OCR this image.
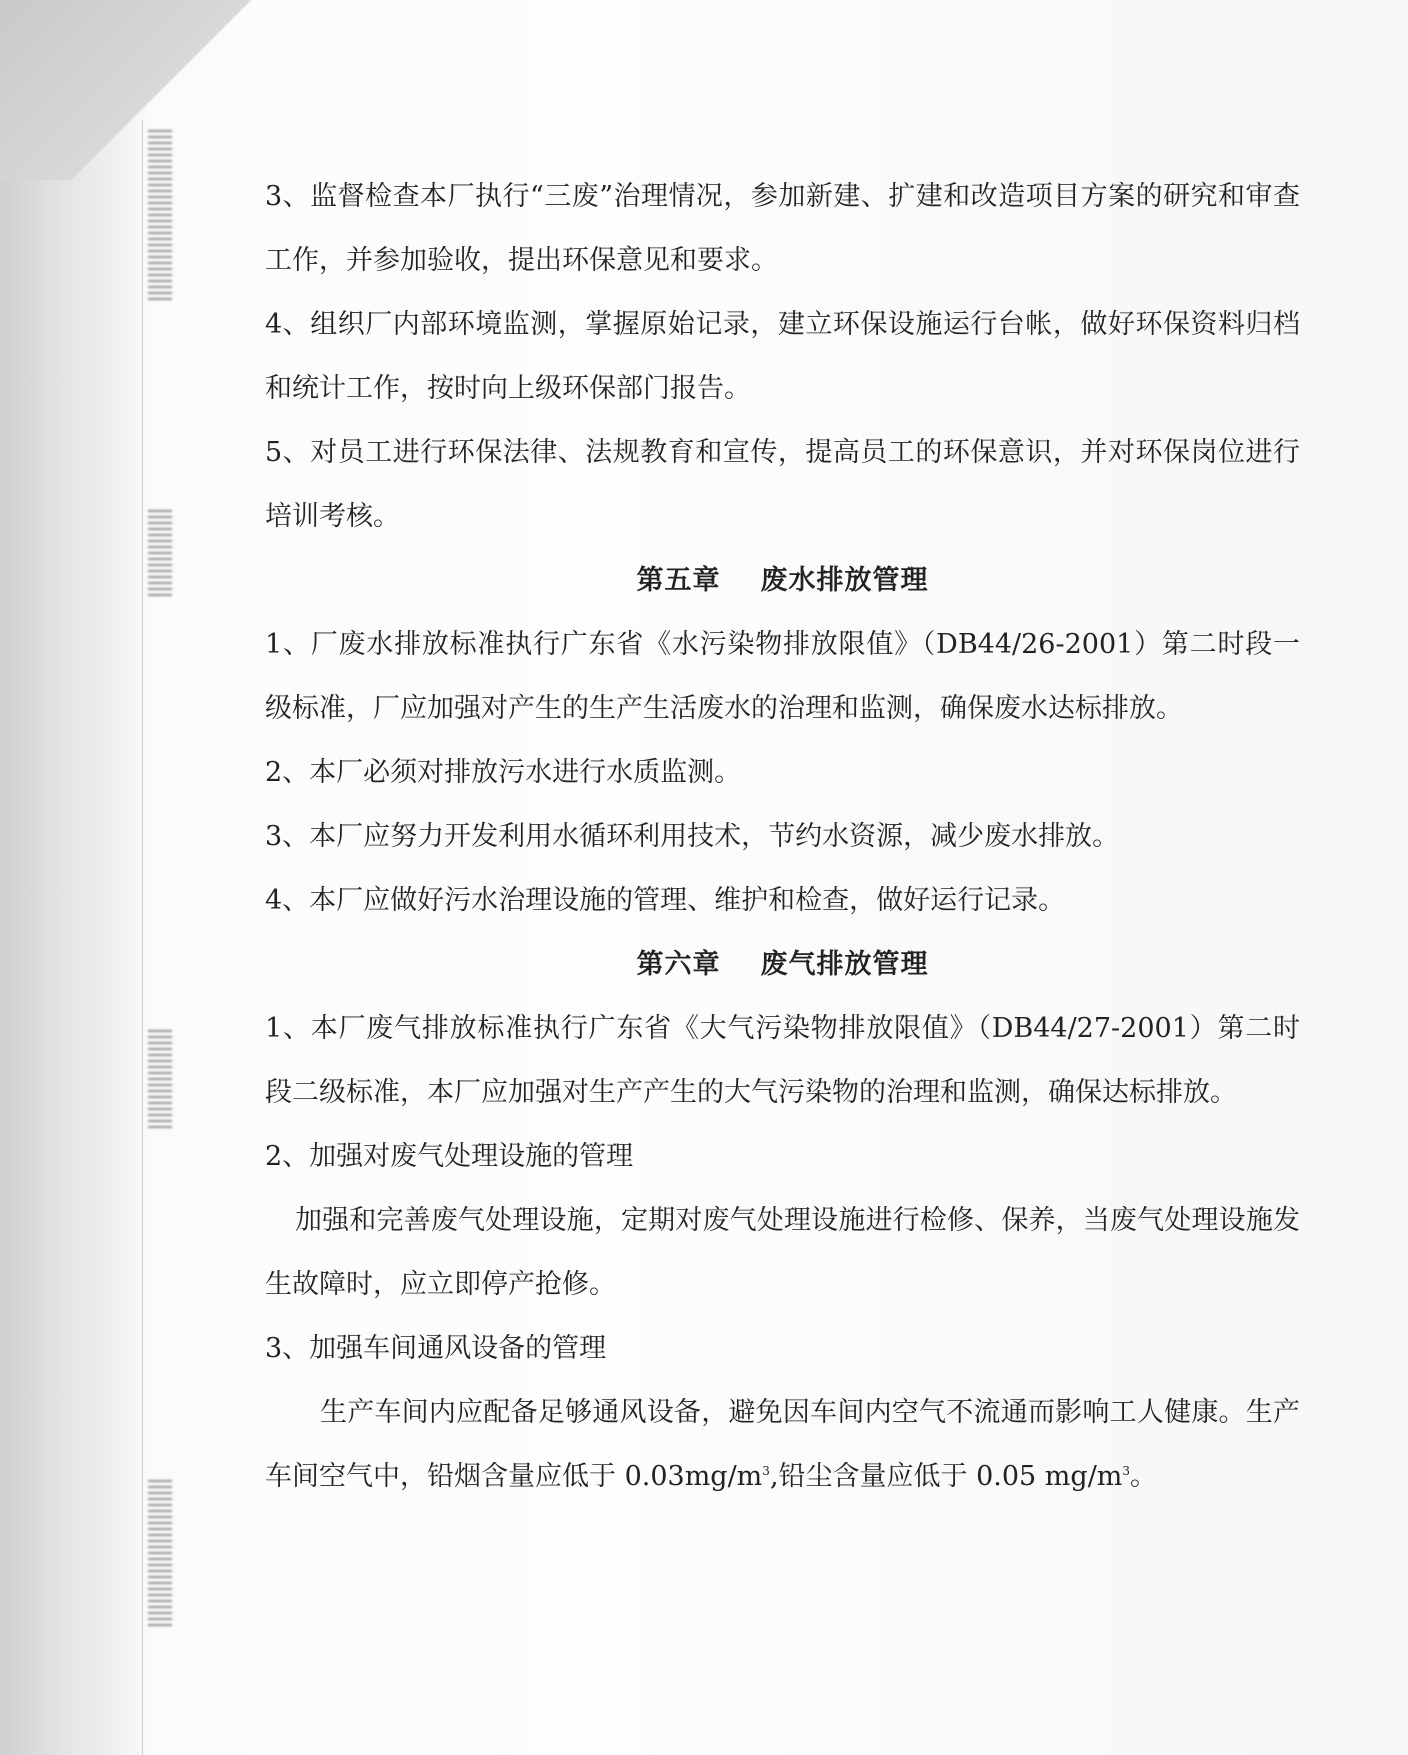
3、监督检查本厂执行“三废”治理情况，参加新建、扩建和改造项目方案的研究和审查工作，并参加验收，提出环保意见和要求。

4、组织厂内部环境监测，掌握原始记录，建立环保设施运行台帐，做好环保资料归档和统计工作，按时向上级环保部门报告。

5、对员工进行环保法律、法规教育和宣传，提高员工的环保意识，并对环保岗位进行培训考核。

第五章 废水排放管理

1、厂废水排放标准执行广东省《水污染物排放限值》（DB44/26-2001）第二时段一级标准，厂应加强对产生的生产生活废水的治理和监测，确保废水达标排放。

2、本厂必须对排放污水进行水质监测。

3、本厂应努力开发利用水循环利用技术，节约水资源，减少废水排放。

4、本厂应做好污水治理设施的管理、维护和检查，做好运行记录。

第六章 废气排放管理

1、本厂废气排放标准执行广东省《大气污染物排放限值》（DB44/27-2001）第二时段二级标准，本厂应加强对生产产生的大气污染物的治理和监测，确保达标排放。

2、加强对废气处理设施的管理

加强和完善废气处理设施，定期对废气处理设施进行检修、保养，当废气处理设施发生故障时，应立即停产抢修。

3、加强车间通风设备的管理

生产车间内应配备足够通风设备，避免因车间内空气不流通而影响工人健康。生产车间空气中，铅烟含量应低于 $0.03mg/m^3$,铅尘含量应低于 0.05 $mg/m^3$。
